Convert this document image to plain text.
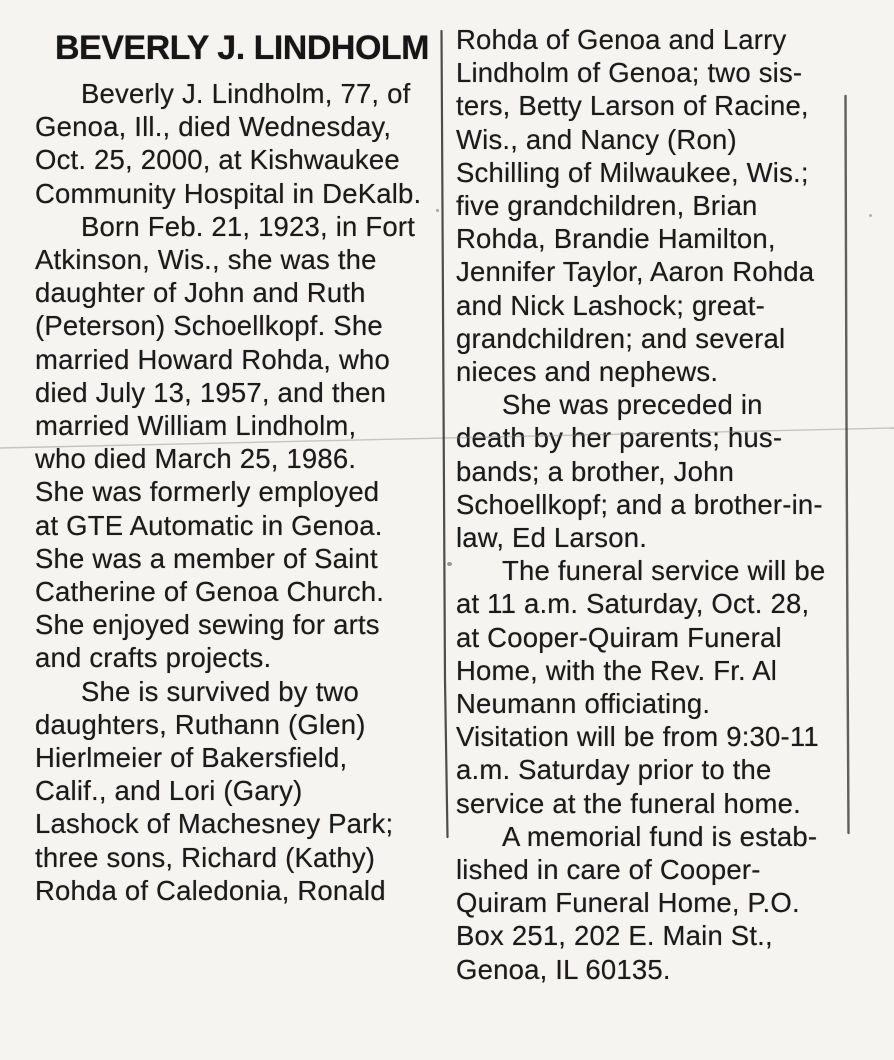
BEVERLY J. LINDHOLM
Beverly J. Lindholm, 77, of
Genoa, Ill., died Wednesday,
Oct. 25, 2000, at Kishwaukee
Community Hospital in DeKalb.
Born Feb. 21, 1923, in Fort
Atkinson, Wis., she was the
daughter of John and Ruth
(Peterson) Schoellkopf. She
married Howard Rohda, who
died July 13, 1957, and then
married William Lindholm,
who died March 25, 1986.
She was formerly employed
at GTE Automatic in Genoa.
She was a member of Saint
Catherine of Genoa Church.
She enjoyed sewing for arts
and crafts projects.
She is survived by two
daughters, Ruthann (Glen)
Hierlmeier of Bakersfield,
Calif., and Lori (Gary)
Lashock of Machesney Park;
three sons, Richard (Kathy)
Rohda of Caledonia, Ronald
Rohda of Genoa and Larry
Lindholm of Genoa; two sis-
ters, Betty Larson of Racine,
Wis., and Nancy (Ron)
Schilling of Milwaukee, Wis.;
five grandchildren, Brian
Rohda, Brandie Hamilton,
Jennifer Taylor, Aaron Rohda
and Nick Lashock; great-
grandchildren; and several
nieces and nephews.
She was preceded in
death by her parents; hus-
bands; a brother, John
Schoellkopf; and a brother-in-
law, Ed Larson.
The funeral service will be
at 11 a.m. Saturday, Oct. 28,
at Cooper-Quiram Funeral
Home, with the Rev. Fr. Al
Neumann officiating.
Visitation will be from 9:30-11
a.m. Saturday prior to the
service at the funeral home.
A memorial fund is estab-
lished in care of Cooper-
Quiram Funeral Home, P.O.
Box 251, 202 E. Main St.,
Genoa, IL 60135.
